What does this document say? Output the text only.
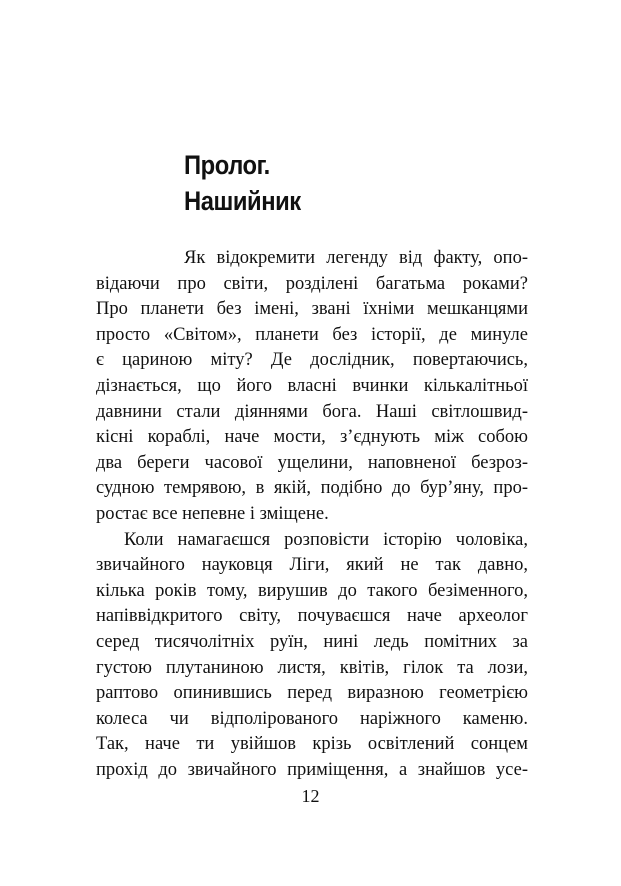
Пролог.
Нашийник
Як відокремити легенду від факту, опо-
відаючи про світи, розділені багатьма роками?
Про планети без імені, звані їхніми мешканцями
просто «Світом», планети без історії, де минуле
є цариною міту? Де дослідник, повертаючись,
дізнається, що його власні вчинки кількалітньої
давнини стали діяннями бога. Наші світлошвид-
кісні кораблі, наче мости, з’єднують між собою
два береги часової ущелини, наповненої безроз-
судною темрявою, в якій, подібно до бур’яну, про-
ростає все непевне і зміщене.
Коли намагаєшся розповісти історію чоловіка,
звичайного науковця Ліги, який не так давно,
кілька років тому, вирушив до такого безіменного,
напіввідкритого світу, почуваєшся наче археолог
серед тисячолітніх руїн, нині ледь помітних за
густою плутаниною листя, квітів, гілок та лози,
раптово опинившись перед виразною геометрією
колеса чи відполірованого наріжного каменю.
Так, наче ти увійшов крізь освітлений сонцем
прохід до звичайного приміщення, а знайшов усе-
12
